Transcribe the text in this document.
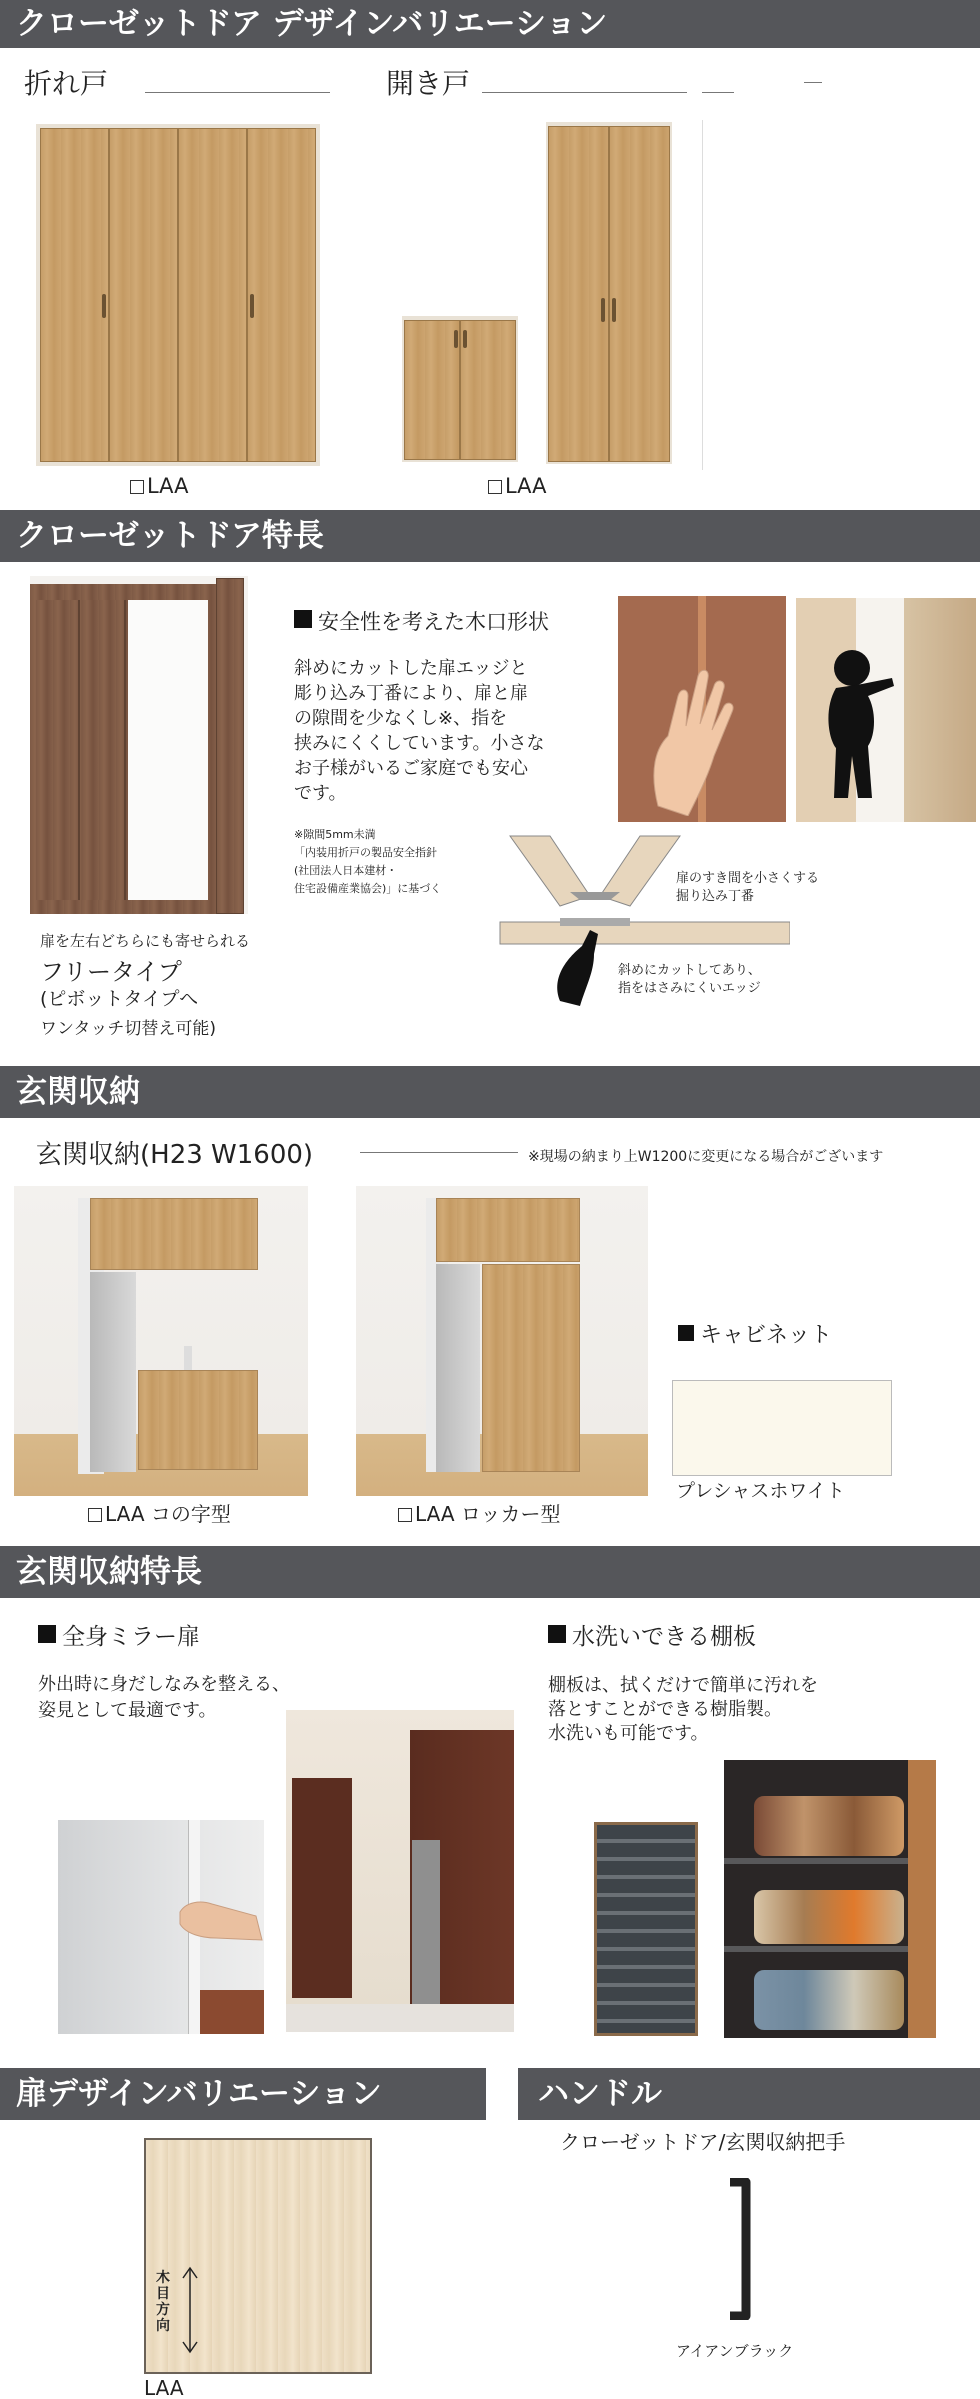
クローゼットドア デザインバリエーション
折れ戸	開き戸
LAA	LAA
クローゼットドア特長
扉を左右どちらにも寄せられる
フリータイプ
(ピボットタイプへ
ワンタッチ切替え可能)
安全性を考えた木口形状
斜めにカットした扉エッジと
彫り込み丁番により、扉と扉
の隙間を少なくし※、指を
挟みにくくしています。小さな
お子様がいるご家庭でも安心
です。
※隙間5mm未満
「内装用折戸の製品安全指針
(社団法人日本建材・
住宅設備産業協会)」に基づく
扉のすき間を小さくする
掘り込み丁番
斜めにカットしてあり、
指をはさみにくいエッジ
玄関収納
玄関収納(H23 W1600)	※現場の納まり上W1200に変更になる場合がございます
LAA コの字型	LAA ロッカー型
キャビネット
プレシャスホワイト
玄関収納特長
全身ミラー扉
外出時に身だしなみを整える、
姿見として最適です。
水洗いできる棚板
棚板は、拭くだけで簡単に汚れを
落とすことができる樹脂製。
水洗いも可能です。
扉デザインバリエーション	ハンドル
木目方向
LAA
クローゼットドア/玄関収納把手
アイアンブラック
